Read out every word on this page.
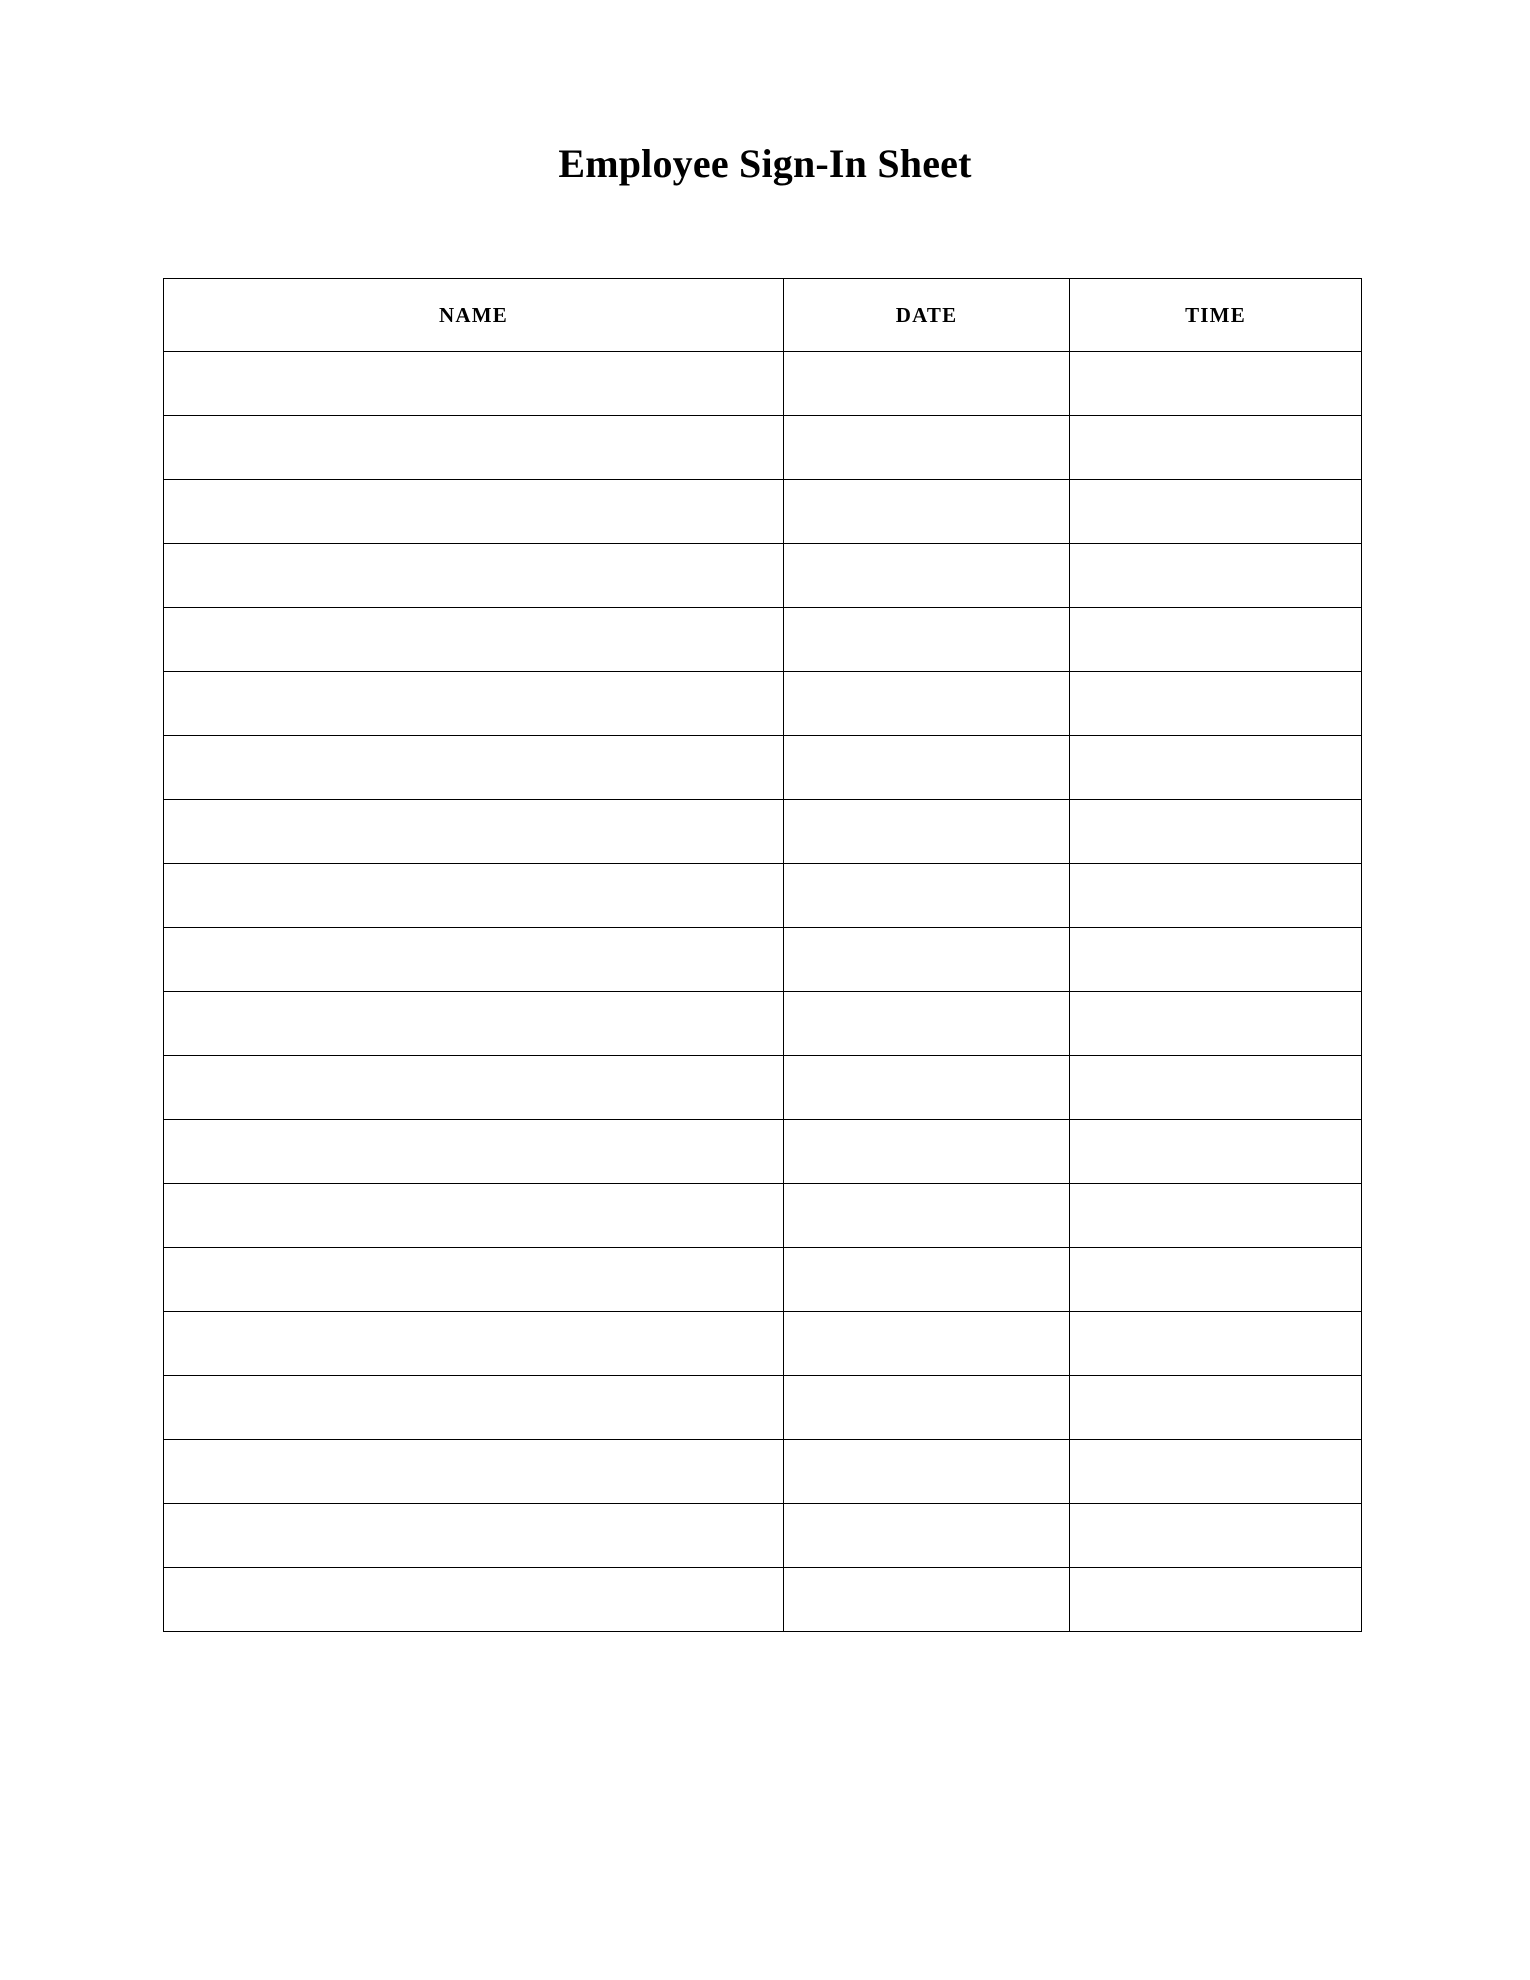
Employee Sign-In Sheet
NAME	DATE	TIME
